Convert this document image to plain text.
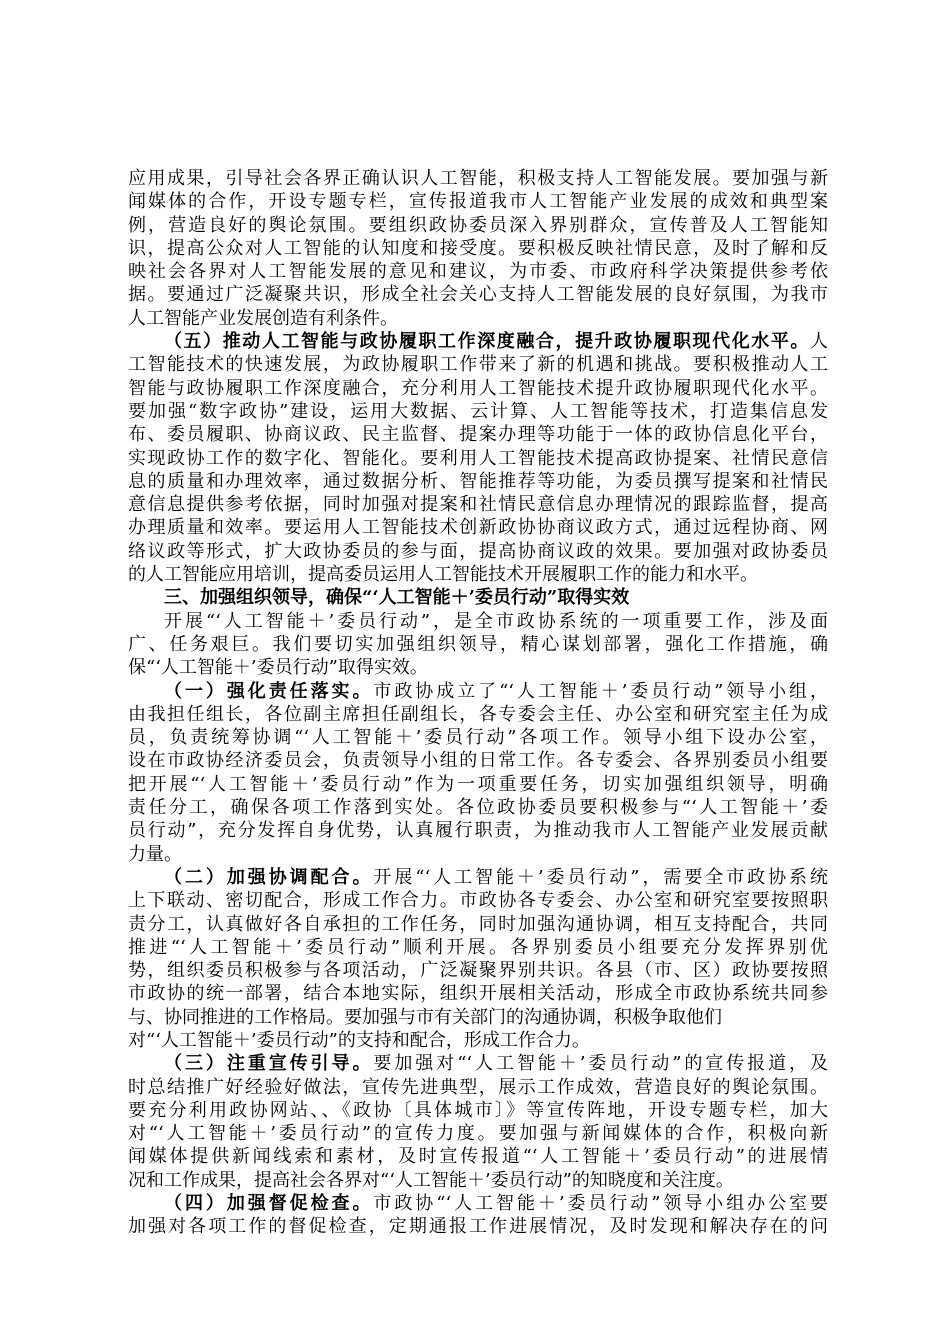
应用成果，引导社会各界正确认识人工智能，积极支持人工智能发展。要加强与新
闻媒体的合作，开设专题专栏，宣传报道我市人工智能产业发展的成效和典型案
例，营造良好的舆论氛围。要组织政协委员深入界别群众，宣传普及人工智能知
识，提高公众对人工智能的认知度和接受度。要积极反映社情民意，及时了解和反
映社会各界对人工智能发展的意见和建议，为市委、市政府科学决策提供参考依
据。要通过广泛凝聚共识，形成全社会关心支持人工智能发展的良好氛围，为我市
人工智能产业发展创造有利条件。
（五）推动人工智能与政协履职工作深度融合，提升政协履职现代化水平。人
工智能技术的快速发展，为政协履职工作带来了新的机遇和挑战。要积极推动人工
智能与政协履职工作深度融合，充分利用人工智能技术提升政协履职现代化水平。
要加强“数字政协”建设，运用大数据、云计算、人工智能等技术，打造集信息发
布、委员履职、协商议政、民主监督、提案办理等功能于一体的政协信息化平台，
实现政协工作的数字化、智能化。要利用人工智能技术提高政协提案、社情民意信
息的质量和办理效率，通过数据分析、智能推荐等功能，为委员撰写提案和社情民
意信息提供参考依据，同时加强对提案和社情民意信息办理情况的跟踪监督，提高
办理质量和效率。要运用人工智能技术创新政协协商议政方式，通过远程协商、网
络议政等形式，扩大政协委员的参与面，提高协商议政的效果。要加强对政协委员
的人工智能应用培训，提高委员运用人工智能技术开展履职工作的能力和水平。
三、加强组织领导，确保“‘人工智能＋’委员行动”取得实效
开展“‘人工智能＋’委员行动”，是全市政协系统的一项重要工作，涉及面
广、任务艰巨。我们要切实加强组织领导，精心谋划部署，强化工作措施，确
保“‘人工智能＋’委员行动”取得实效。
（一）强化责任落实。市政协成立了“‘人工智能＋’委员行动”领导小组，
由我担任组长，各位副主席担任副组长，各专委会主任、办公室和研究室主任为成
员，负责统筹协调“‘人工智能＋’委员行动”各项工作。领导小组下设办公室，
设在市政协经济委员会，负责领导小组的日常工作。各专委会、各界别委员小组要
把开展“‘人工智能＋’委员行动”作为一项重要任务，切实加强组织领导，明确
责任分工，确保各项工作落到实处。各位政协委员要积极参与“‘人工智能＋’委
员行动”，充分发挥自身优势，认真履行职责，为推动我市人工智能产业发展贡献
力量。
（二）加强协调配合。开展“‘人工智能＋’委员行动”，需要全市政协系统
上下联动、密切配合，形成工作合力。市政协各专委会、办公室和研究室要按照职
责分工，认真做好各自承担的工作任务，同时加强沟通协调，相互支持配合，共同
推进“‘人工智能＋’委员行动”顺利开展。各界别委员小组要充分发挥界别优
势，组织委员积极参与各项活动，广泛凝聚界别共识。各县（市、区）政协要按照
市政协的统一部署，结合本地实际，组织开展相关活动，形成全市政协系统共同参
与、协同推进的工作格局。要加强与市有关部门的沟通协调，积极争取他们
对“‘人工智能＋’委员行动”的支持和配合，形成工作合力。
（三）注重宣传引导。要加强对“‘人工智能＋’委员行动”的宣传报道，及
时总结推广好经验好做法，宣传先进典型，展示工作成效，营造良好的舆论氛围。
要充分利用政协网站、、《政协〔具体城市〕》等宣传阵地，开设专题专栏，加大
对“‘人工智能＋’委员行动”的宣传力度。要加强与新闻媒体的合作，积极向新
闻媒体提供新闻线索和素材，及时宣传报道“‘人工智能＋’委员行动”的进展情
况和工作成果，提高社会各界对“‘人工智能＋’委员行动”的知晓度和关注度。
（四）加强督促检查。市政协“‘人工智能＋’委员行动”领导小组办公室要
加强对各项工作的督促检查，定期通报工作进展情况，及时发现和解决存在的问
